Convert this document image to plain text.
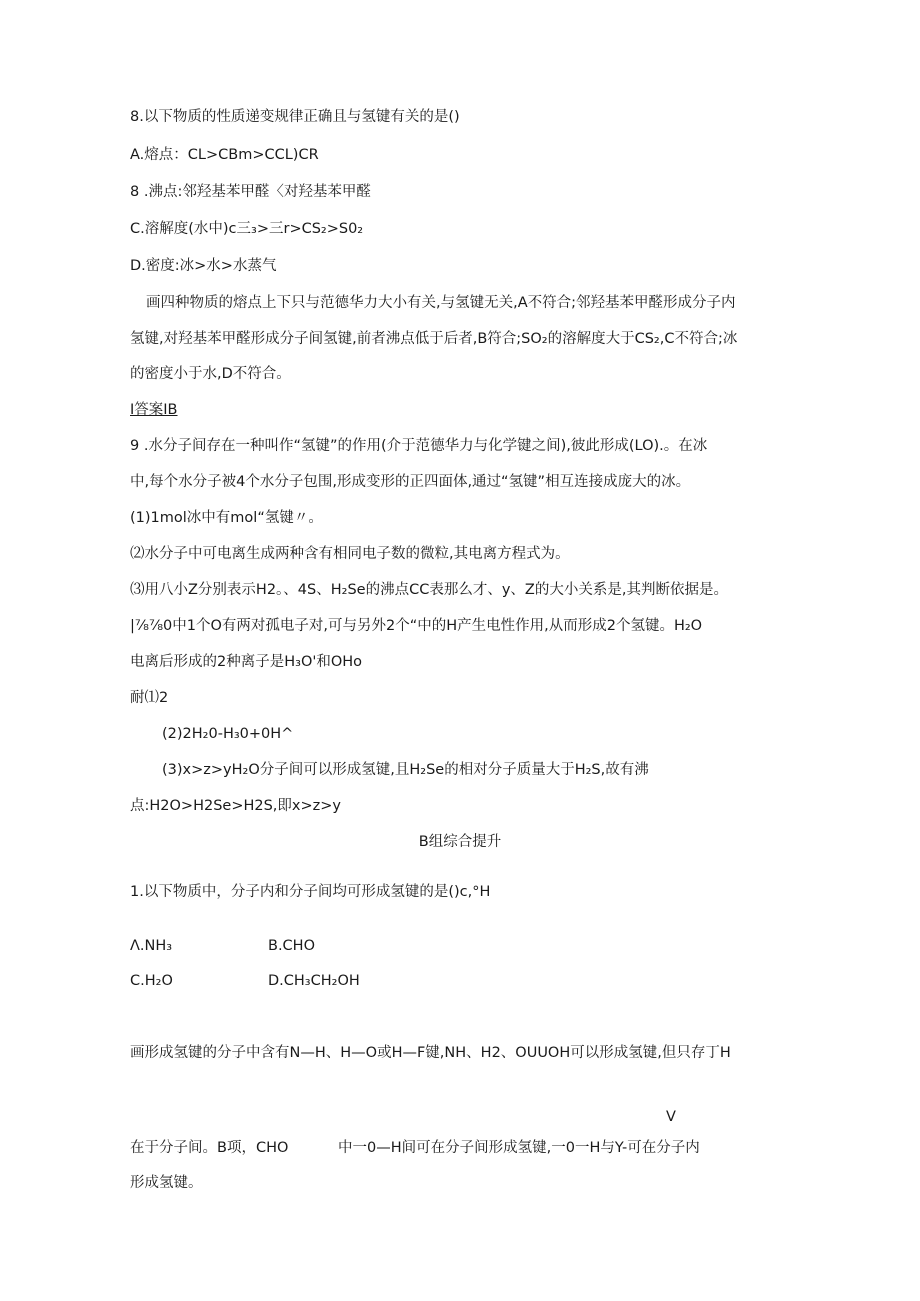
8.以下物质的性质递变规律正确且与氢键有关的是()
A.熔点：CL>CBm>CCL)CR
8 .沸点:邻羟基苯甲醛〈对羟基苯甲醛
C.溶解度(水中)c三₃>三r>CS₂>S0₂
D.密度:冰>水>水蒸气
画四种物质的熔点上下只与范德华力大小有关,与氢键无关,A不符合;邻羟基苯甲醛形成分子内
氢键,对羟基苯甲醛形成分子间氢键,前者沸点低于后者,B符合;SO₂的溶解度大于CS₂,C不符合;冰
的密度小于水,D不符合。
I答案IB
9 .水分子间存在一种叫作“氢键”的作用(介于范德华力与化学键之间),彼此形成(LO).。在冰
中,每个水分子被4个水分子包围,形成变形的正四面体,通过“氢键”相互连接成庞大的冰。
(1)1mol冰中有mol“氢键〃。
⑵水分子中可电离生成两种含有相同电子数的微粒,其电离方程式为。
⑶用八小Z分别表示H2。、4S、H₂Se的沸点CC表那么才、y、Z的大小关系是,其判断依据是。
|⅞⅞0中1个O有两对孤电子对,可与另外2个“中的H产生电性作用,从而形成2个氢键。H₂O
电离后形成的2种离子是H₃O'和OHo
耐⑴2
(2)2H₂0-H₃0+0H^
(3)x>z>yH₂O分子间可以形成氢键,且H₂Se的相对分子质量大于H₂S,故有沸
点:H2O>H2Se>H2S,即x>z>y
B组综合提升
1.以下物质中，分子内和分子间均可形成氢键的是()c,°H
Λ.NH₃	B.CHO
C.H₂O	D.CH₃CH₂OH
画形成氢键的分子中含有N—H、H—O或H—F键,NH、H2、OUUOH可以形成氢键,但只存丁H
V
在于分子间。B项，CHO	中一0—H间可在分子间形成氢键,一0一H与Y-可在分子内
形成氢键。
